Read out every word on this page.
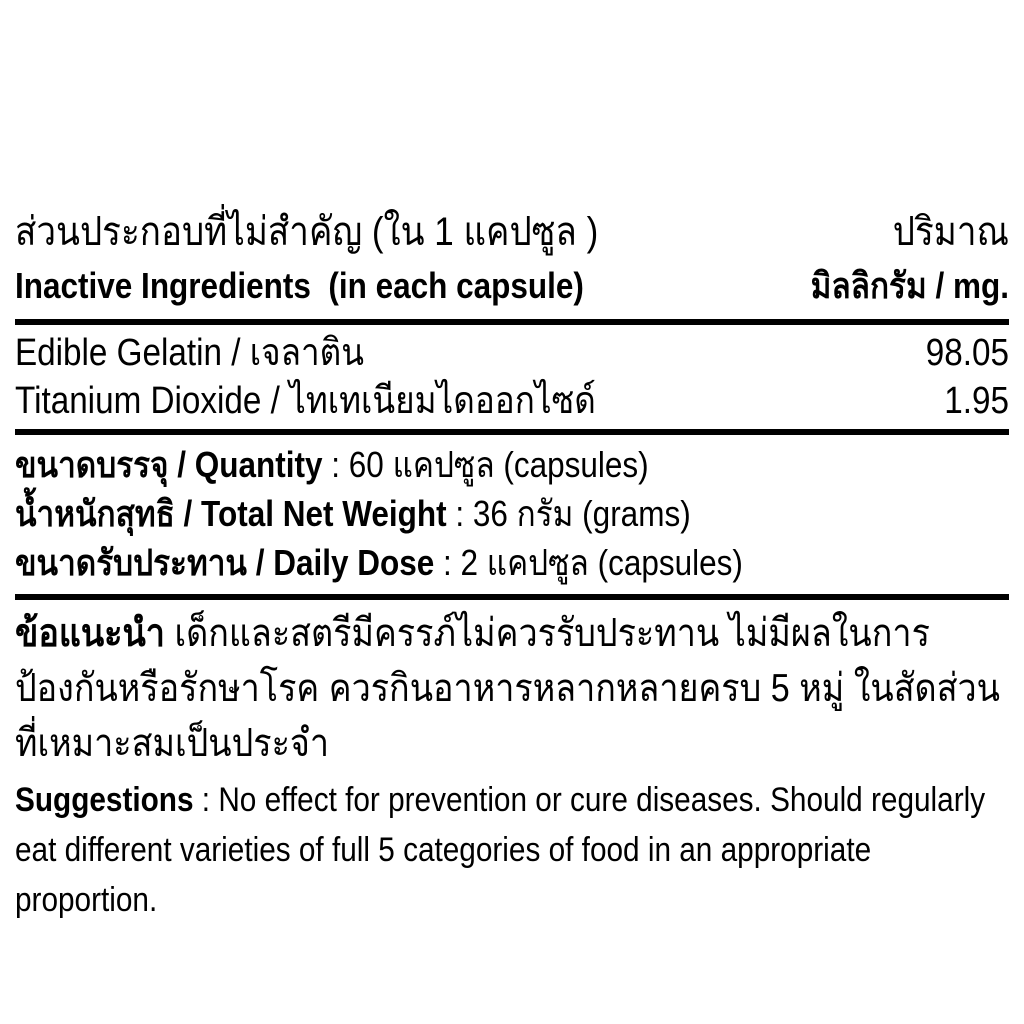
ส่วนประกอบที่ไม่สำคัญ (ใน 1 แคปซูล )	ปริมาณ
Inactive Ingredients  (in each capsule)	มิลลิกรัม / mg.
Edible Gelatin / เจลาติน	98.05
Titanium Dioxide / ไทเทเนียมไดออกไซด์	1.95
ขนาดบรรจุ / Quantity : 60 แคปซูล (capsules)
น้ำหนักสุทธิ / Total Net Weight : 36 กรัม (grams)
ขนาดรับประทาน / Daily Dose : 2 แคปซูล (capsules)

ข้อแนะนำ เด็กและสตรีมีครรภ์ไม่ควรรับประทาน ไม่มีผลในการป้องกันหรือรักษาโรค ควรกินอาหารหลากหลายครบ 5 หมู่ ในสัดส่วนที่เหมาะสมเป็นประจำ

Suggestions : No effect for prevention or cure diseases. Should regularly eat different varieties of full 5 categories of food in an appropriate proportion.
